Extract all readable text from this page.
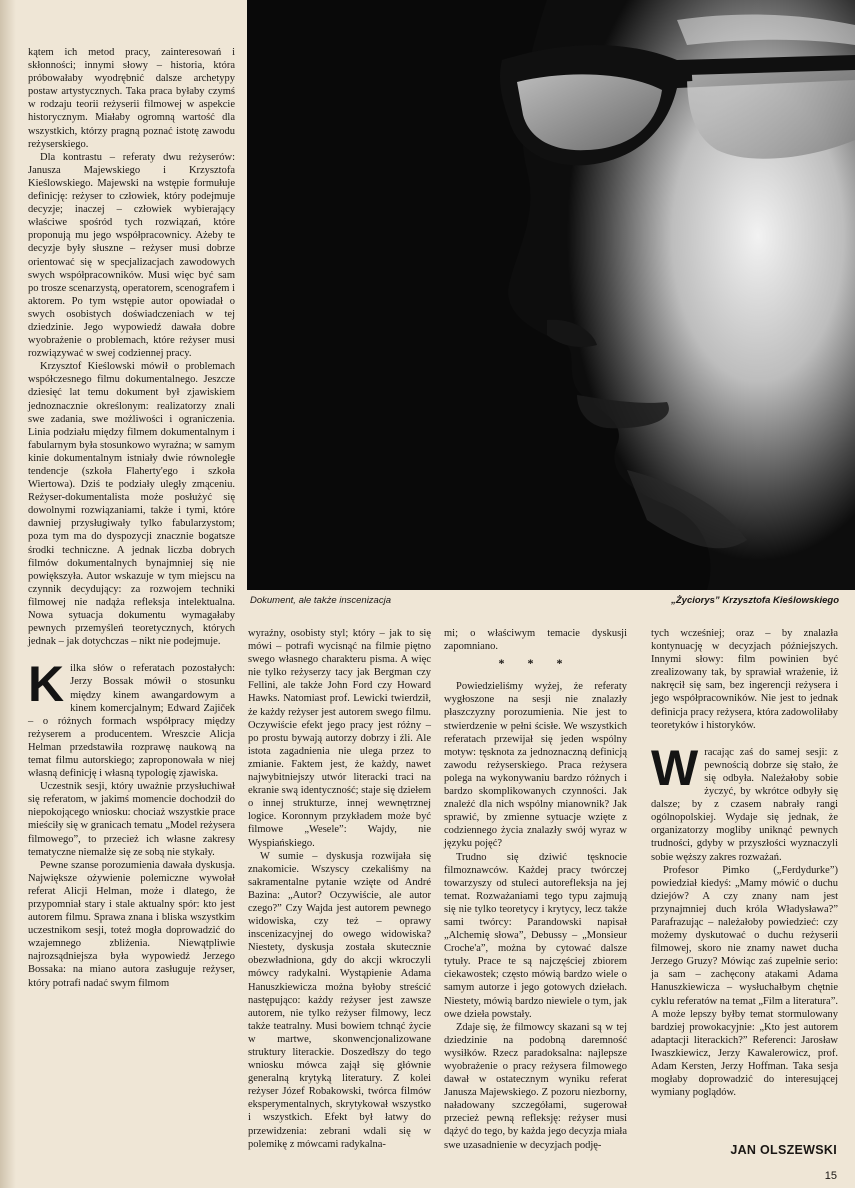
Dokument, ale także inscenizacja	„Życiorys” Krzysztofa Kieślowskiego

kątem ich metod pracy, zainteresowań i skłonności; innymi słowy – historia, która próbowałaby wyodrębnić dalsze archetypy postaw artystycznych. Taka praca byłaby czymś w rodzaju teorii reżyserii filmowej w aspekcie historycznym. Miałaby ogromną wartość dla wszystkich, którzy pragną poznać istotę zawodu reżyserskiego.

Dla kontrastu – referaty dwu reżyserów: Janusza Majewskiego i Krzysztofa Kieślowskiego. Majewski na wstępie formułuje definicję: reżyser to człowiek, który podejmuje decyzje; inaczej – człowiek wybierający właściwe spośród tych rozwiązań, które proponują mu jego współpracownicy. Ażeby te decyzje były słuszne – reżyser musi dobrze orientować się w specjalizacjach zawodowych swych współpracowników. Musi więc być sam po trosze scenarzystą, operatorem, scenografem i aktorem. Po tym wstępie autor opowiadał o swych osobistych doświadczeniach w tej dziedzinie. Jego wypowiedź dawała dobre wyobrażenie o problemach, które reżyser musi rozwiązywać w swej codziennej pracy.

Krzysztof Kieślowski mówił o problemach współczesnego filmu dokumentalnego. Jeszcze dziesięć lat temu dokument był zjawiskiem jednoznacznie określonym: realizatorzy znali swe zadania, swe możliwości i ograniczenia. Linia podziału między filmem dokumentalnym i fabularnym była stosunkowo wyraźna; w samym kinie dokumentalnym istniały dwie równoległe tendencje (szkoła Flaherty'ego i szkoła Wiertowa). Dziś te podziały uległy zmąceniu. Reżyser-dokumentalista może posłużyć się dowolnymi rozwiązaniami, także i tymi, które dawniej przysługiwały tylko fabularzystom; poza tym ma do dyspozycji znacznie bogatsze środki techniczne. A jednak liczba dobrych filmów dokumentalnych bynajmniej się nie powiększyła. Autor wskazuje w tym miejscu na czynnik decydujący: za rozwojem techniki filmowej nie nadąża refleksja intelektualna. Nowa sytuacja dokumentu wymagałaby pewnych przemyśleń teoretycznych, których jednak – jak dotychczas – nikt nie podejmuje.

Kilka słów o referatach pozostałych: Jerzy Bossak mówił o stosunku między kinem awangardowym a kinem komercjalnym; Edward Zajiček – o różnych formach współpracy między reżyserem a producentem. Wreszcie Alicja Helman przedstawiła rozprawę naukową na temat filmu autorskiego; zaproponowała w niej własną definicję i własną typologię zjawiska.

Uczestnik sesji, który uważnie przysłuchiwał się referatom, w jakimś momencie dochodził do niepokojącego wniosku: chociaż wszystkie prace mieściły się w granicach tematu „Model reżysera filmowego”, to przecież ich własne zakresy tematyczne niemalże się ze sobą nie stykały.

Pewne szanse porozumienia dawała dyskusja. Największe ożywienie polemiczne wywołał referat Alicji Helman, może i dlatego, że przypomniał stary i stale aktualny spór: kto jest autorem filmu. Sprawa znana i bliska wszystkim uczestnikom sesji, toteż mogła doprowadzić do wzajemnego zbliżenia. Niewątpliwie najrozsądniejsza była wypowiedź Jerzego Bossaka: na miano autora zasługuje reżyser, który potrafi nadać swym filmom

wyraźny, osobisty styl; który – jak to się mówi – potrafi wycisnąć na filmie piętno swego własnego charakteru pisma. A więc nie tylko reżyserzy tacy jak Bergman czy Fellini, ale także John Ford czy Howard Hawks. Natomiast prof. Lewicki twierdził, że każdy reżyser jest autorem swego filmu. Oczywiście efekt jego pracy jest różny – po prostu bywają autorzy dobrzy i źli. Ale istota zagadnienia nie ulega przez to zmianie. Faktem jest, że każdy, nawet najwybitniejszy utwór literacki traci na ekranie swą identyczność; staje się dziełem o innej strukturze, innej wewnętrznej logice. Koronnym przykładem może być filmowe „Wesele”: Wajdy, nie Wyspiańskiego.

W sumie – dyskusja rozwijała się znakomicie. Wszyscy czekaliśmy na sakramentalne pytanie wzięte od André Bazina: „Autor? Oczywiście, ale autor czego?” Czy Wajda jest autorem pewnego widowiska, czy też – oprawy inscenizacyjnej do owego widowiska? Niestety, dyskusja została skutecznie obezwładniona, gdy do akcji wkroczyli mówcy radykalni. Wystąpienie Adama Hanuszkiewicza można byłoby streścić następująco: każdy reżyser jest zawsze autorem, nie tylko reżyser filmowy, lecz także teatralny. Musi bowiem tchnąć życie w martwe, skonwencjonalizowane struktury literackie. Doszedłszy do tego wniosku mówca zajął się głównie generalną krytyką literatury. Z kolei reżyser Józef Robakowski, twórca filmów eksperymentalnych, skrytykował wszystko i wszystkich. Efekt był łatwy do przewidzenia: zebrani wdali się w polemikę z mówcami radykalna-

mi; o właściwym temacie dyskusji zapomniano.

* * *

Powiedzieliśmy wyżej, że referaty wygłoszone na sesji nie znalazły płaszczyzny porozumienia. Nie jest to stwierdzenie w pełni ścisłe. We wszystkich referatach przewijał się jeden wspólny motyw: tęsknota za jednoznaczną definicją zawodu reżyserskiego. Praca reżysera polega na wykonywaniu bardzo różnych i bardzo skomplikowanych czynności. Jak znaleźć dla nich wspólny mianownik? Jak sprawić, by zmienne sytuacje wzięte z codziennego życia znalazły swój wyraz w języku pojęć?

Trudno się dziwić tęsknocie filmoznawców. Każdej pracy twórczej towarzyszy od stuleci autorefleksja na jej temat. Rozważaniami tego typu zajmują się nie tylko teoretycy i krytycy, lecz także sami twórcy: Parandowski napisał „Alchemię słowa”, Debussy – „Monsieur Croche'a”, można by cytować dalsze tytuły. Prace te są najczęściej zbiorem ciekawostek; często mówią bardzo wiele o samym autorze i jego gotowych dziełach. Niestety, mówią bardzo niewiele o tym, jak owe dzieła powstały.

Zdaje się, że filmowcy skazani są w tej dziedzinie na podobną daremność wysiłków. Rzecz paradoksalna: najlepsze wyobrażenie o pracy reżysera filmowego dawał w ostatecznym wyniku referat Janusza Majewskiego. Z pozoru niezborny, naładowany szczegółami, sugerował przecież pewną refleksję: reżyser musi dążyć do tego, by każda jego decyzja miała swe uzasadnienie w decyzjach podję-

tych wcześniej; oraz – by znalazła kontynuację w decyzjach późniejszych. Innymi słowy: film powinien być zrealizowany tak, by sprawiał wrażenie, iż nakręcił się sam, bez ingerencji reżysera i jego współpracowników. Nie jest to jednak definicja pracy reżysera, która zadowoliłaby teoretyków i historyków.

Wracając zaś do samej sesji: z pewnością dobrze się stało, że się odbyła. Należałoby sobie życzyć, by wkrótce odbyły się dalsze; by z czasem nabrały rangi ogólnopolskiej. Wydaje się jednak, że organizatorzy mogliby uniknąć pewnych trudności, gdyby w przyszłości wyznaczyli sobie węższy zakres rozważań.

Profesor Pimko („Ferdydurke”) powiedział kiedyś: „Mamy mówić o duchu dziejów? A czy znany nam jest przynajmniej duch króla Władysława?” Parafrazując – należałoby powiedzieć: czy możemy dyskutować o duchu reżyserii filmowej, skoro nie znamy nawet ducha Jerzego Gruzy? Mówiąc zaś zupełnie serio: ja sam – zachęcony atakami Adama Hanuszkiewicza – wysłuchałbym chętnie cyklu referatów na temat „Film a literatura”. A może lepszy byłby temat stormulowany bardziej prowokacyjnie: „Kto jest autorem adaptacji literackich?” Referenci: Jarosław Iwaszkiewicz, Jerzy Kawalerowicz, prof. Adam Kersten, Jerzy Hoffman. Taka sesja mogłaby doprowadzić do interesującej wymiany poglądów.

JAN OLSZEWSKI
15
